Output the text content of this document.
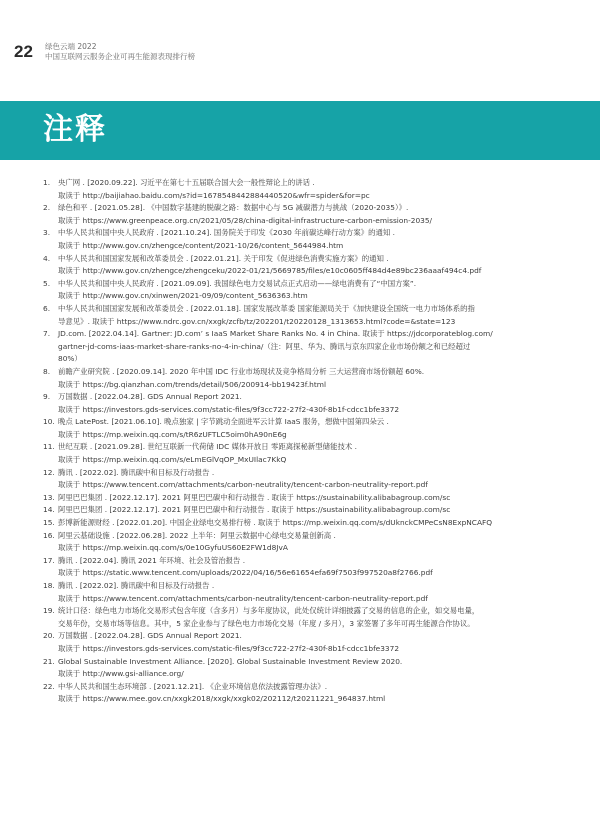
22 绿色云端 2022
中国互联网云服务企业可再生能源表现排行榜
注释
1.	央广网 . [2020.09.22]. 习近平在第七十五届联合国大会一般性辩论上的讲话 .
取读于 http://baijiahao.baidu.com/s?id=1678548442884440520&wfr=spider&for=pc
2.	绿色和平 . [2021.05.28]. 《中国数字基建的脱碳之路：数据中心与 5G 减碳潜力与挑战（2020-2035）》.
取读于 https://www.greenpeace.org.cn/2021/05/28/china-digital-infrastructure-carbon-emission-2035/
3.	中华人民共和国中央人民政府 . [2021.10.24]. 国务院关于印发《2030 年前碳达峰行动方案》的通知 .
取读于 http://www.gov.cn/zhengce/content/2021-10/26/content_5644984.htm
4.	中华人民共和国国家发展和改革委员会 . [2022.01.21]. 关于印发《促进绿色消费实施方案》的通知 .
取读于 http://www.gov.cn/zhengce/zhengceku/2022-01/21/5669785/files/e10c0605ff484d4e89bc236aaaf494c4.pdf
5.	中华人民共和国中央人民政府 . [2021.09.09]. 我国绿色电力交易试点正式启动——绿电消费有了“中国方案”.
取读于 http://www.gov.cn/xinwen/2021-09/09/content_5636363.htm
6.	中华人民共和国国家发展和改革委员会 . [2022.01.18]. 国家发展改革委 国家能源局关于《加快建设全国统一电力市场体系的指
导意见》. 取读于 https://www.ndrc.gov.cn/xxgk/zcfb/tz/202201/t20220128_1313653.html?code=&state=123
7.	JD.com. [2022.04.14]. Gartner: JD.com’ s IaaS Market Share Ranks No. 4 in China. 取读于 https://jdcorporateblog.com/
gartner-jd-coms-iaas-market-share-ranks-no-4-in-china/（注：阿里、华为、腾讯与京东四家企业市场份额之和已经超过
80%）
8.	前瞻产业研究院 . [2020.09.14]. 2020 年中国 IDC 行业市场现状及竞争格局分析 三大运营商市场份额超 60%.
取读于 https://bg.qianzhan.com/trends/detail/506/200914-bb19423f.html
9.	万国数据 . [2022.04.28]. GDS Annual Report 2021.
取读于 https://investors.gds-services.com/static-files/9f3cc722-27f2-430f-8b1f-cdcc1bfe3372
10. 晚点 LatePost. [2021.06.10]. 晚点独家 | 字节跳动全面进军云计算 IaaS 服务，想做中国第四朵云 .
取读于 https://mp.weixin.qq.com/s/tR6zUFTLC5oim0hA90nE6g
11. 世纪互联 . [2021.09.28]. 世纪互联新一代荷储 IDC 媒体开放日 零距离探秘新型储能技术 .
取读于 https://mp.weixin.qq.com/s/eLmEGlVqOP_MxUIlac7KkQ
12. 腾讯 . [2022.02]. 腾讯碳中和目标及行动报告 .
取读于 https://www.tencent.com/attachments/carbon-neutrality/tencent-carbon-neutrality-report.pdf
13. 阿里巴巴集团 . [2022.12.17]. 2021 阿里巴巴碳中和行动报告 . 取读于 https://sustainability.alibabagroup.com/sc
14. 阿里巴巴集团 . [2022.12.17]. 2021 阿里巴巴碳中和行动报告 . 取读于 https://sustainability.alibabagroup.com/sc
15. 彭博新能源财经 . [2022.01.20]. 中国企业绿电交易排行榜 . 取读于 https://mp.weixin.qq.com/s/dUknckCMPeCsN8ExpNCAFQ
16. 阿里云基础设施 . [2022.06.28]. 2022 上半年：阿里云数据中心绿电交易量创新高 .
取读于 https://mp.weixin.qq.com/s/0e10GyfuUS60E2FW1d8JvA
17. 腾讯 . [2022.04]. 腾讯 2021 年环境、社会及管治报告 .
取读于 https://static.www.tencent.com/uploads/2022/04/16/56e61654efa69f7503f997520a8f2766.pdf
18. 腾讯 . [2022.02]. 腾讯碳中和目标及行动报告 .
取读于 https://www.tencent.com/attachments/carbon-neutrality/tencent-carbon-neutrality-report.pdf
19. 统计口径：绿色电力市场化交易形式包含年度（含多月）与多年度协议，此处仅统计详细披露了交易的信息的企业，如交易电量，
交易年份，交易市场等信息。其中，5 家企业参与了绿色电力市场化交易（年度 / 多月），3 家签署了多年可再生能源合作协议。
20. 万国数据 . [2022.04.28]. GDS Annual Report 2021.
取读于 https://investors.gds-services.com/static-files/9f3cc722-27f2-430f-8b1f-cdcc1bfe3372
21. Global Sustainable Investment Alliance. [2020]. Global Sustainable Investment Review 2020.
取读于 http://www.gsi-alliance.org/
22. 中华人民共和国生态环境部 . [2021.12.21]. 《企业环境信息依法披露管理办法》.
取读于 https://www.mee.gov.cn/xxgk2018/xxgk/xxgk02/202112/t20211221_964837.html
